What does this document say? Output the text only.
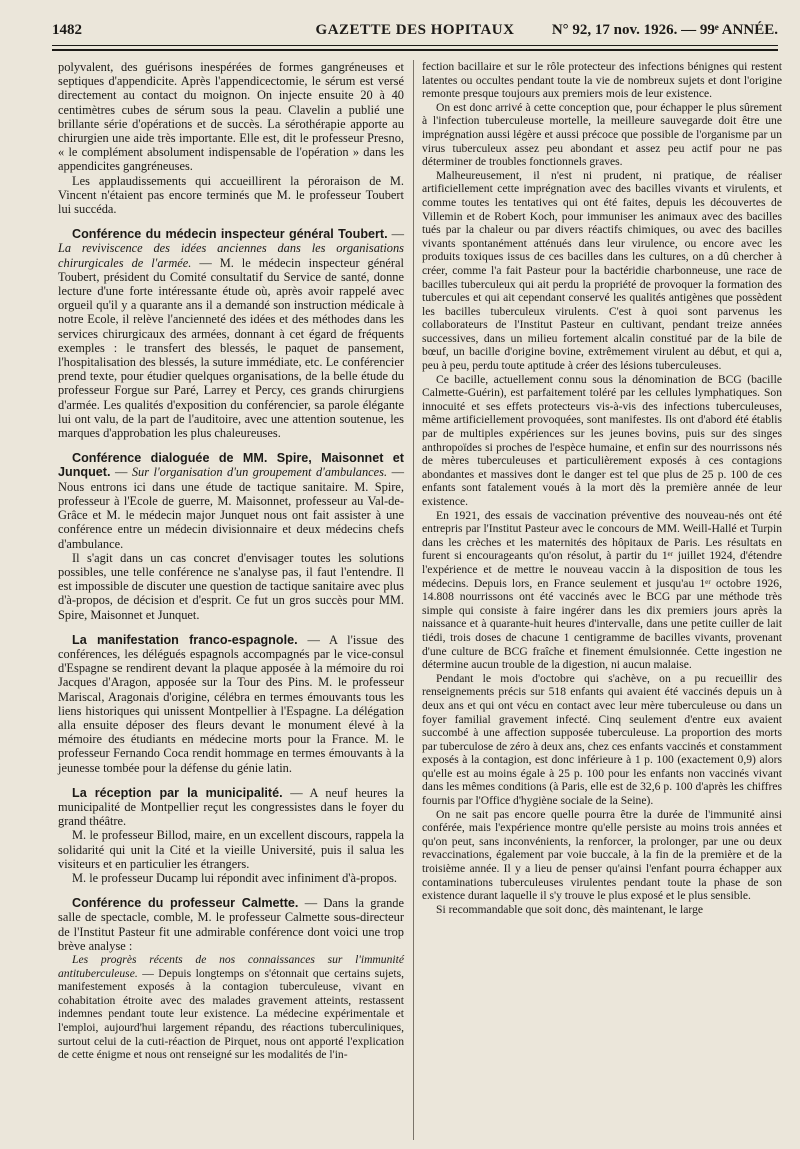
1482	GAZETTE DES HOPITAUX	N° 92, 17 nov. 1926. — 99ᵉ ANNÉE.

polyvalent, des guérisons inespérées de formes gangréneuses et septiques d'appendicite. Après l'appendicectomie, le sérum est versé directement au contact du moignon. On injecte ensuite 20 à 40 centimètres cubes de sérum sous la peau. Clavelin a publié une brillante série d'opérations et de succès. La sérothérapie apporte au chirurgien une aide très importante. Elle est, dit le professeur Presno, « le complément absolument indispensable de l'opération » dans les appendicites gangréneuses.

Les applaudissements qui accueillirent la péroraison de M. Vincent n'étaient pas encore terminés que M. le professeur Toubert lui succéda.

Conférence du médecin inspecteur général Toubert. — La reviviscence des idées anciennes dans les organisations chirurgicales de l'armée. — M. le médecin inspecteur général Toubert, président du Comité consultatif du Service de santé, donne lecture d'une forte intéressante étude où, après avoir rappelé avec orgueil qu'il y a quarante ans il a demandé son instruction médicale à notre Ecole, il relève l'ancienneté des idées et des méthodes dans les services chirurgicaux des armées, donnant à cet égard de fréquents exemples : le transfert des blessés, le paquet de pansement, l'hospitalisation des blessés, la suture immédiate, etc. Le conférencier prend texte, pour étudier quelques organisations, de la belle étude du professeur Forgue sur Paré, Larrey et Percy, ces grands chirurgiens d'armée. Les qualités d'exposition du conférencier, sa parole élégante lui ont valu, de la part de l'auditoire, avec une attention soutenue, les marques d'approbation les plus chaleureuses.

Conférence dialoguée de MM. Spire, Maisonnet et Junquet. — Sur l'organisation d'un groupement d'ambulances. — Nous entrons ici dans une étude de tactique sanitaire. M. Spire, professeur à l'Ecole de guerre, M. Maisonnet, professeur au Val-de-Grâce et M. le médecin major Junquet nous ont fait assister à une conférence entre un médecin divisionnaire et deux médecins chefs d'ambulance.

Il s'agit dans un cas concret d'envisager toutes les solutions possibles, une telle conférence ne s'analyse pas, il faut l'entendre. Il est impossible de discuter une question de tactique sanitaire avec plus d'à-propos, de décision et d'esprit. Ce fut un gros succès pour MM. Spire, Maisonnet et Junquet.

La manifestation franco-espagnole. — A l'issue des conférences, les délégués espagnols accompagnés par le vice-consul d'Espagne se rendirent devant la plaque apposée à la mémoire du roi Jacques d'Aragon, apposée sur la Tour des Pins. M. le professeur Mariscal, Aragonais d'origine, célébra en termes émouvants tous les liens historiques qui unissent Montpellier à l'Espagne. La délégation alla ensuite déposer des fleurs devant le monument élevé à la mémoire des étudiants en médecine morts pour la France. M. le professeur Fernando Coca rendit hommage en termes émouvants à la jeunesse tombée pour la défense du génie latin.

La réception par la municipalité. — A neuf heures la municipalité de Montpellier reçut les congressistes dans le foyer du grand théâtre.

M. le professeur Billod, maire, en un excellent discours, rappela la solidarité qui unit la Cité et la vieille Université, puis il salua les visiteurs et en particulier les étrangers.

M. le professeur Ducamp lui répondit avec infiniment d'à-propos.

Conférence du professeur Calmette. — Dans la grande salle de spectacle, comble, M. le professeur Calmette sous-directeur de l'Institut Pasteur fit une admirable conférence dont voici une trop brève analyse :

Les progrès récents de nos connaissances sur l'immunité antituberculeuse. — Depuis longtemps on s'étonnait que certains sujets, manifestement exposés à la contagion tuberculeuse, vivant en cohabitation étroite avec des malades gravement atteints, restassent indemnes pendant toute leur existence. La médecine expérimentale et l'emploi, aujourd'hui largement répandu, des réactions tuberculiniques, surtout celui de la cuti-réaction de Pirquet, nous ont apporté l'explication de cette énigme et nous ont renseigné sur les modalités de l'in-

fection bacillaire et sur le rôle protecteur des infections bénignes qui restent latentes ou occultes pendant toute la vie de nombreux sujets et dont l'origine remonte presque toujours aux premiers mois de leur existence.

On est donc arrivé à cette conception que, pour échapper le plus sûrement à l'infection tuberculeuse mortelle, la meilleure sauvegarde doit être une imprégnation aussi légère et aussi précoce que possible de l'organisme par un virus tuberculeux assez peu abondant et assez peu actif pour ne pas déterminer de troubles fonctionnels graves.

Malheureusement, il n'est ni prudent, ni pratique, de réaliser artificiellement cette imprégnation avec des bacilles vivants et virulents, et comme toutes les tentatives qui ont été faites, depuis les découvertes de Villemin et de Robert Koch, pour immuniser les animaux avec des bacilles tués par la chaleur ou par divers réactifs chimiques, ou avec des bacilles vivants spontanément atténués dans leur virulence, ou encore avec les produits toxiques issus de ces bacilles dans les cultures, on a dû chercher à créer, comme l'a fait Pasteur pour la bactéridie charbonneuse, une race de bacilles tuberculeux qui ait perdu la propriété de provoquer la formation des tubercules et qui ait cependant conservé les qualités antigènes que possèdent les bacilles tuberculeux virulents. C'est à quoi sont parvenus les collaborateurs de l'Institut Pasteur en cultivant, pendant treize années successives, dans un milieu fortement alcalin constitué par de la bile de bœuf, un bacille d'origine bovine, extrêmement virulent au début, et qui a, peu à peu, perdu toute aptitude à créer des lésions tuberculeuses.

Ce bacille, actuellement connu sous la dénomination de BCG (bacille Calmette-Guérin), est parfaitement toléré par les cellules lymphatiques. Son innocuité et ses effets protecteurs vis-à-vis des infections tuberculeuses, même artificiellement provoquées, sont manifestes. Ils ont d'abord été établis par de multiples expériences sur les jeunes bovins, puis sur des singes anthropoïdes si proches de l'espèce humaine, et enfin sur des nourrissons nés de mères tuberculeuses et particulièrement exposés à ces contagions abondantes et massives dont le danger est tel que plus de 25 p. 100 de ces enfants sont fatalement voués à la mort dès la première année de leur existence.

En 1921, des essais de vaccination préventive des nouveau-nés ont été entrepris par l'Institut Pasteur avec le concours de MM. Weill-Hallé et Turpin dans les crèches et les maternités des hôpitaux de Paris. Les résultats en furent si encourageants qu'on résolut, à partir du 1ᵉʳ juillet 1924, d'étendre l'expérience et de mettre le nouveau vaccin à la disposition de tous les médecins. Depuis lors, en France seulement et jusqu'au 1ᵉʳ octobre 1926, 14.808 nourrissons ont été vaccinés avec le BCG par une méthode très simple qui consiste à faire ingérer dans les dix premiers jours après la naissance et à quarante-huit heures d'intervalle, dans une petite cuiller de lait tiédi, trois doses de chacune 1 centigramme de bacilles vivants, provenant d'une culture de BCG fraîche et finement émulsionnée. Cette ingestion ne détermine aucun trouble de la digestion, ni aucun malaise.

Pendant le mois d'octobre qui s'achève, on a pu recueillir des renseignements précis sur 518 enfants qui avaient été vaccinés depuis un à deux ans et qui ont vécu en contact avec leur mère tuberculeuse ou dans un foyer familial gravement infecté. Cinq seulement d'entre eux avaient succombé à une affection supposée tuberculeuse. La proportion des morts par tuberculose de zéro à deux ans, chez ces enfants vaccinés et constamment exposés à la contagion, est donc inférieure à 1 p. 100 (exactement 0,9) alors qu'elle est au moins égale à 25 p. 100 pour les enfants non vaccinés vivant dans les mêmes conditions (à Paris, elle est de 32,6 p. 100 d'après les chiffres fournis par l'Office d'hygiène sociale de la Seine).

On ne sait pas encore quelle pourra être la durée de l'immunité ainsi conférée, mais l'expérience montre qu'elle persiste au moins trois années et qu'on peut, sans inconvénients, la renforcer, la prolonger, par une ou deux revaccinations, également par voie buccale, à la fin de la première et de la troisième année. Il y a lieu de penser qu'ainsi l'enfant pourra échapper aux contaminations tuberculeuses virulentes pendant toute la phase de son existence durant laquelle il s'y trouve le plus exposé et le plus sensible.

Si recommandable que soit donc, dès maintenant, le large
